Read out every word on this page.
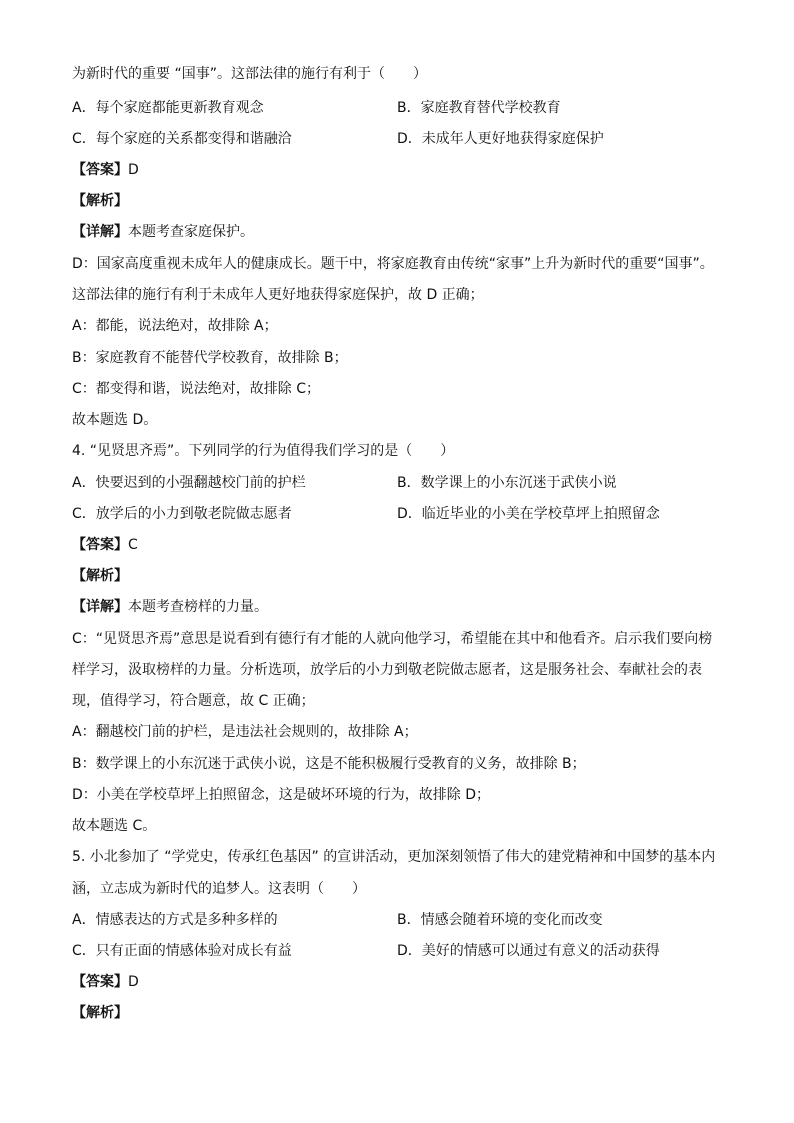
为新时代的重要 “国事”。这部法律的施行有利于（　　）
A．每个家庭都能更新教育观念	B．家庭教育替代学校教育
C．每个家庭的关系都变得和谐融洽	D．未成年人更好地获得家庭保护
【答案】D
【解析】
【详解】本题考查家庭保护。
D：国家高度重视未成年人的健康成长。题干中，将家庭教育由传统“家事”上升为新时代的重要“国事”。
这部法律的施行有利于未成年人更好地获得家庭保护，故 D 正确；
A：都能，说法绝对，故排除 A；
B：家庭教育不能替代学校教育，故排除 B；
C：都变得和谐，说法绝对，故排除 C；
故本题选 D。
4. “见贤思齐焉”。下列同学的行为值得我们学习的是（　　）
A．快要迟到的小强翻越校门前的护栏	B．数学课上的小东沉迷于武侠小说
C．放学后的小力到敬老院做志愿者	D．临近毕业的小美在学校草坪上拍照留念
【答案】C
【解析】
【详解】本题考查榜样的力量。
C：“见贤思齐焉”意思是说看到有德行有才能的人就向他学习，希望能在其中和他看齐。启示我们要向榜
样学习，汲取榜样的力量。分析选项，放学后的小力到敬老院做志愿者，这是服务社会、奉献社会的表
现，值得学习，符合题意，故 C 正确；
A：翻越校门前的护栏，是违法社会规则的，故排除 A；
B：数学课上的小东沉迷于武侠小说，这是不能积极履行受教育的义务，故排除 B；
D：小美在学校草坪上拍照留念，这是破坏环境的行为，故排除 D；
故本题选 C。
5. 小北参加了 “学党史，传承红色基因” 的宣讲活动，更加深刻领悟了伟大的建党精神和中国梦的基本内
涵，立志成为新时代的追梦人。这表明（　　）
A．情感表达的方式是多种多样的	B．情感会随着环境的变化而改变
C．只有正面的情感体验对成长有益	D．美好的情感可以通过有意义的活动获得
【答案】D
【解析】
